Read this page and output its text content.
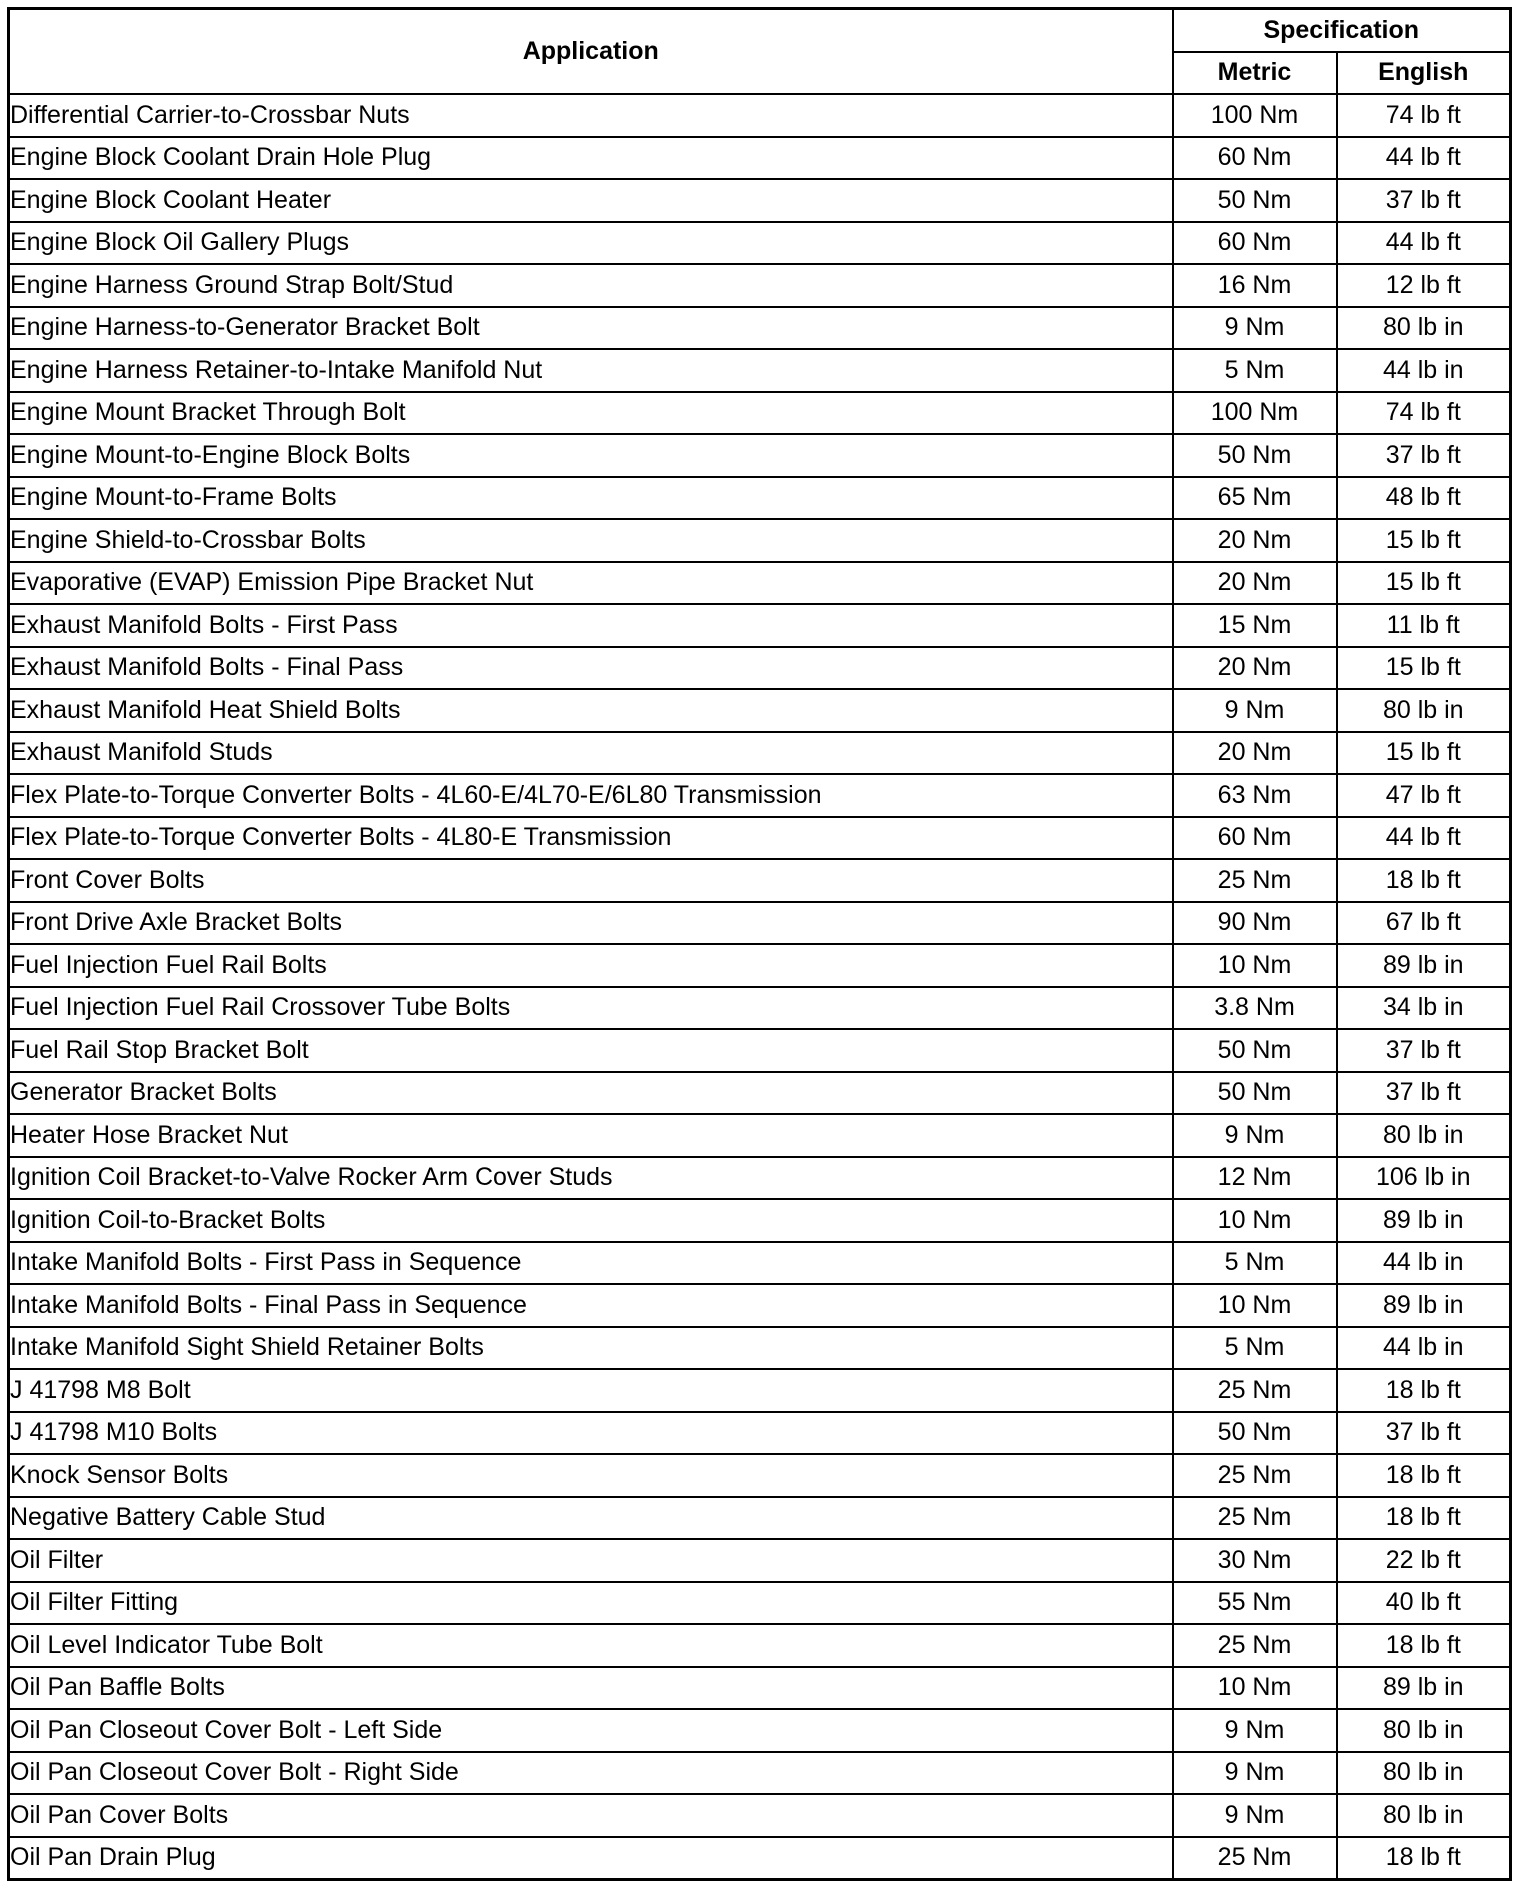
Application	Specification	
	Metric	English
Differential Carrier-to-Crossbar Nuts	100 Nm	74 lb ft
Engine Block Coolant Drain Hole Plug	60 Nm	44 lb ft
Engine Block Coolant Heater	50 Nm	37 lb ft
Engine Block Oil Gallery Plugs	60 Nm	44 lb ft
Engine Harness Ground Strap Bolt/Stud	16 Nm	12 lb ft
Engine Harness-to-Generator Bracket Bolt	9 Nm	80 lb in
Engine Harness Retainer-to-Intake Manifold Nut	5 Nm	44 lb in
Engine Mount Bracket Through Bolt	100 Nm	74 lb ft
Engine Mount-to-Engine Block Bolts	50 Nm	37 lb ft
Engine Mount-to-Frame Bolts	65 Nm	48 lb ft
Engine Shield-to-Crossbar Bolts	20 Nm	15 lb ft
Evaporative (EVAP) Emission Pipe Bracket Nut	20 Nm	15 lb ft
Exhaust Manifold Bolts - First Pass	15 Nm	11 lb ft
Exhaust Manifold Bolts - Final Pass	20 Nm	15 lb ft
Exhaust Manifold Heat Shield Bolts	9 Nm	80 lb in
Exhaust Manifold Studs	20 Nm	15 lb ft
Flex Plate-to-Torque Converter Bolts - 4L60-E/4L70-E/6L80 Transmission	63 Nm	47 lb ft
Flex Plate-to-Torque Converter Bolts - 4L80-E Transmission	60 Nm	44 lb ft
Front Cover Bolts	25 Nm	18 lb ft
Front Drive Axle Bracket Bolts	90 Nm	67 lb ft
Fuel Injection Fuel Rail Bolts	10 Nm	89 lb in
Fuel Injection Fuel Rail Crossover Tube Bolts	3.8 Nm	34 lb in
Fuel Rail Stop Bracket Bolt	50 Nm	37 lb ft
Generator Bracket Bolts	50 Nm	37 lb ft
Heater Hose Bracket Nut	9 Nm	80 lb in
Ignition Coil Bracket-to-Valve Rocker Arm Cover Studs	12 Nm	106 lb in
Ignition Coil-to-Bracket Bolts	10 Nm	89 lb in
Intake Manifold Bolts - First Pass in Sequence	5 Nm	44 lb in
Intake Manifold Bolts - Final Pass in Sequence	10 Nm	89 lb in
Intake Manifold Sight Shield Retainer Bolts	5 Nm	44 lb in
J 41798 M8 Bolt	25 Nm	18 lb ft
J 41798 M10 Bolts	50 Nm	37 lb ft
Knock Sensor Bolts	25 Nm	18 lb ft
Negative Battery Cable Stud	25 Nm	18 lb ft
Oil Filter	30 Nm	22 lb ft
Oil Filter Fitting	55 Nm	40 lb ft
Oil Level Indicator Tube Bolt	25 Nm	18 lb ft
Oil Pan Baffle Bolts	10 Nm	89 lb in
Oil Pan Closeout Cover Bolt - Left Side	9 Nm	80 lb in
Oil Pan Closeout Cover Bolt - Right Side	9 Nm	80 lb in
Oil Pan Cover Bolts	9 Nm	80 lb in
Oil Pan Drain Plug	25 Nm	18 lb ft
